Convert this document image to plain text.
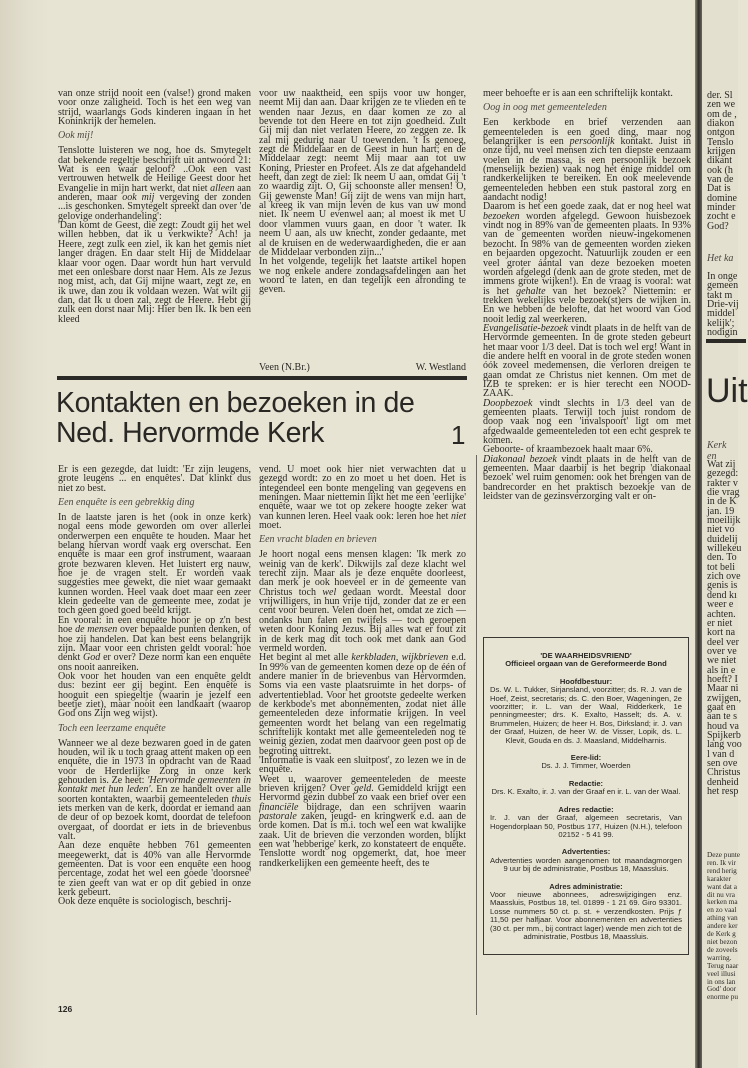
van onze strijd nooit een (valse!) grond maken voor onze zaligheid. Toch is het een weg van strijd, waarlangs Gods kinderen ingaan in het Koninkrijk der hemelen.

Ook mij!

Tenslotte luisteren we nog, hoe ds. Smytegelt dat bekende regeltje beschrijft uit antwoord 21: Wat is een waar geloof? ..Ook een vast vertrouwen hetwelk de Heilige Geest door het Evangelie in mijn hart werkt, dat niet alleen aan anderen, maar ook mij vergeving der zonden ...is geschonken. Smytegelt spreekt dan over 'de gelovige onderhandeling':

'Dan komt de Geest, die zegt: Zoudt gij het wel willen hebben, dat ik u verkwikte? Ach! ja Heere, zegt zulk een ziel, ik kan het gemis niet langer dragen. En daar stelt Hij de Middelaar klaar voor ogen. Daar wordt hun hart vervuld met een onlesbare dorst naar Hem. Als ze Jezus nog mist, ach, dat Gij mijne waart, zegt ze, en ik uwe, dan zou ik voldaan wezen. Wat wilt gij dan, dat Ik u doen zal, zegt de Heere. Hebt gij zulk een dorst naar Mij: Hier ben Ik. Ik ben een kleed

voor uw naaktheid, een spijs voor uw honger, neemt Mij dan aan. Daar krijgen ze te vlieden en te wenden naar Jezus, en daar komen ze zo al bevende tot den Heere en tot zijn goedheid. Zult Gij mij dan niet verlaten Heere, zo zeggen ze. Ik zal mij gedurig naar U toewenden. 't Is genoeg, zegt de Middelaar en de Geest in hun hart; en de Middelaar zegt: neemt Mij maar aan tot uw Koning, Priester en Profeet. Als ze dat afgehandeld heeft, dan zegt de ziel: Ik neem U aan, omdat Gij 't zo waardig zijt. O, Gij schoonste aller mensen! O, Gij gewenste Man! Gij zijt de wens van mijn hart, al kreeg ik van mijn leven de kus van uw mond niet. Ik neem U evenwel aan; al moest ik met U door vlammen vuurs gaan, en door 't water. Ik neem U aan, als uw knecht, zonder gedaante, met al de kruisen en de wederwaardigheden, die er aan de Middelaar verbonden zijn...'

In het volgende, tegelijk het laatste artikel hopen we nog enkele andere zondagsafdelingen aan het woord te laten, en dan tegelijk een afronding te geven.

Veen (N.Br.)	W. Westland
Kontakten en bezoeken in de Ned. Hervormde Kerk	1

Er is een gezegde, dat luidt: 'Er zijn leugens, grote leugens ... en enquêtes'. Dat klinkt dus niet zo best.

Een enquête is een gebrekkig ding

In de laatste jaren is het (ook in onze kerk) nogal eens mode geworden om over allerlei onderwerpen een enquête te houden. Maar het belang hiervan wordt vaak erg overschat. Een enquête is maar een grof instrument, waaraan grote bezwaren kleven. Het luistert erg nauw, hoe je de vragen stelt. Er worden vaak suggesties mee gewekt, die niet waar gemaakt kunnen worden. Heel vaak doet maar een zeer klein gedeelte van de gemeente mee, zodat je toch geen goed goed beeld krijgt.

En vooral: in een enquête hoor je op z'n best hoe de mensen over bepaalde punten denken, of hoe zij handelen. Dat kan best eens belangrijk zijn. Maar voor een christen geldt vooral: hoe denkt God er over? Deze norm kan een enquête ons nooit aanreiken.

Ook voor het houden van een enquête geldt dus: bezint eer gij begint. Een enquête is hooguit een spiegeltje (waarin je jezelf een beetje ziet), maar nooit een landkaart (waarop God ons Zijn weg wijst).

Toch een leerzame enquête

Wanneer we al deze bezwaren goed in de gaten houden, wil ik u toch graag attent maken op een enquête, die in 1973 in opdracht van de Raad voor de Herderlijke Zorg in onze kerk gehouden is. Ze heet: 'Hervormde gemeenten in kontakt met hun leden'. En ze handelt over alle soorten kontakten, waarbij gemeenteleden thuis iets merken van de kerk, doordat er iemand aan de deur of op bezoek komt, doordat de telefoon overgaat, of doordat er iets in de brievenbus valt.

Aan deze enquête hebben 761 gemeenten meegewerkt, dat is 40% van alle Hervormde gemeenten. Dat is voor een enquête een hoog percentage, zodat het wel een goede 'doorsnee' te zien geeft van wat er op dit gebied in onze kerk gebeurt.

Ook deze enquête is sociologisch, beschrij-

vend. U moet ook hier niet verwachten dat u gezegd wordt: zo en zo moet u het doen. Het is integendeel een bonte mengeling van gegevens en meningen. Maar niettemin lijkt het me een 'eerlijke' enquête, waar we tot op zekere hoogte zeker wat van kunnen leren. Heel vaak ook: leren hoe het niet moet.

Een vracht bladen en brieven

Je hoort nogal eens mensen klagen: 'Ik merk zo weinig van de kerk'. Dikwijls zal deze klacht wel terecht zijn. Maar als je deze enquête doorleest, dan merk je ook hoeveel er in de gemeente van Christus toch wel gedaan wordt. Meestal door vrijwilligers, in hun vrije tijd, zonder dat ze er een cent voor beuren. Velen doen het, omdat ze zich — ondanks hun falen en twijfels — toch geroepen weten door Koning Jezus. Bij alles wat er fout zit in de kerk mag dit toch ook met dank aan God vermeld worden.

Het begint al met alle kerkbladen, wijkbrieven e.d. In 99% van de gemeenten komen deze op de één of andere manier in de brievenbus van Hervormden. Soms via een vaste plaatsruimte in het dorps- of advertentieblad. Voor het grootste gedeelte werken de kerkbode's met abonnementen, zodat niet álle gemeenteleden deze informatie krijgen. In veel gemeenten wordt het belang van een regelmatig schriftelijk kontakt met alle gemeenteleden nog te weinig gezien, zodat men daarvoor geen post op de begroting uittrekt.

'Informatie is vaak een sluitpost', zo lezen we in de enquête.

Weet u, waarover gemeenteleden de meeste brieven krijgen? Over geld. Gemiddeld krijgt een Hervormd gezin dubbel zo vaak een brief over een financiële bijdrage, dan een schrijven waarin pastorale zaken, jeugd- en kringwerk e.d. aan de orde komen. Dat is m.i. toch wel een wat kwalijke zaak. Uit de brieven die verzonden worden, blijkt een wat 'hebberige' kerk, zo konstateert de enquête. Tenslotte wordt nog opgemerkt, dat, hoe meer randkerkelijken een gemeente heeft, des te

meer behoefte er is aan een schriftelijk kontakt.

Oog in oog met gemeenteleden

Een kerkbode en brief verzenden aan gemeenteleden is een goed ding, maar nog belangrijker is een persoonlijk kontakt. Juist in onze tijd, nu veel mensen zich ten diepste eenzaam voelen in de massa, is een persoonlijk bezoek (menselijk bezien) vaak nog het énige middel om randkerkelijken te bereiken. En ook meelevende gemeenteleden hebben een stuk pastoral zorg en aandacht nodig!

Daarom is het een goede zaak, dat er nog heel wat bezoeken worden afgelegd. Gewoon huisbezoek vindt nog in 89% van de gemeenten plaats. In 93% van de gemeenten worden nieuw-ingekomenen bezocht. In 98% van de gemeenten worden zieken en bejaarden opgezocht. Natuurlijk zouden er een veel groter áántal van deze bezoeken moeten worden afgelegd (denk aan de grote steden, met de immens grote wijken!). En de vraag is vooral: wat is het gehalte van het bezoek? Niettemin: er trekken wekelijks vele bezoek(st)ers de wijken in. En we hebben de belofte, dat het woord van God nooit ledig zal weerkeren.

Evangelisatie-bezoek vindt plaats in de helft van de Hervormde gemeenten. In de grote steden gebeurt het maar voor 1/3 deel. Dat is toch wel erg! Want in die andere helft en vooral in de grote steden wonen óók zoveel medemensen, die verloren dreigen te gaan omdat ze Christus niet kennen. Om met de IZB te spreken: er is hier terecht een NOOD-ZAAK.

Doopbezoek vindt slechts in 1/3 deel van de gemeenten plaats. Terwijl toch juist rondom de doop vaak nog een 'invalspoort' ligt om met afgedwaalde gemeenteleden tot een echt gesprek te komen.

Geboorte- of kraambezoek haalt maar 6%.

Diakonaal bezoek vindt plaats in de helft van de gemeenten. Maar daarbij is het begrip 'diakonaal bezoek' wel ruim genomen: ook het brengen van de bandrecorder en het praktisch bezoekje van de leidster van de gezinsverzorging valt er on-

'DE WAARHEIDSVRIEND'

Officieel orgaan van de Gereformeerde Bond

Hoofdbestuur:

Ds. W. L. Tukker, Sirjansland, voorzitter; ds. R. J. van de Hoef, Zeist, secretaris; ds. C. den Boer, Wageningen, 2e voorzitter; ir. L. van der Waal, Ridderkerk, 1e penningmeester; drs. K. Exalto, Hasselt; ds. A. v. Brummelen, Huizen; de heer H. Bos, Dirksland; ir. J. van der Graaf, Huizen, de heer W. de Visser, Lopik, ds. L. Klevit, Gouda en ds. J. Maasland, Middelharnis.

Eere-lid:

Ds. J. J. Timmer, Woerden

Redactie:

Drs. K. Exalto, ir. J. van der Graaf en ir. L. van der Waal.

Adres redactie:

Ir. J. van der Graaf, algemeen secretaris, Van Hogendorplaan 50, Postbus 177, Huizen (N.H.), telefoon 02152 - 5 41 99.

Advertenties:

Advertenties worden aangenomen tot maandagmorgen 9 uur bij de administratie, Postbus 18, Maassluis.

Adres administratie:

Voor nieuwe abonnees, adreswijzigingen enz. Maassluis, Postbus 18, tel. 01899 - 1 21 69. Giro 93301. Losse nummers 50 ct. p. st. + verzendkosten. Prijs ƒ 11,50 per halfjaar. Voor abonnementen en advertenties (30 ct. per mm., bij contract lager) wende men zich tot de administratie, Postbus 18, Maassluis.

126
der. Sl
zen we
om de ,
diakon
ontgon
Tenslo
krijgen
dikant
ook (h
van de
Dat is
domine
minder
zocht e
God?
Het ka
In onge
gemeen
takt m
Drie-vij
middel
kelijk';
nodigin
Uit
Kerk en
Wat zij
gezegd:
rakter v
die vrag
in de K
jan. 19
moeilijk
niet vo
duidelij
willekeu
den. To
tot beli
zich ove
genis is
dend kı
weer e
achten.
er niet
kort na
deel ver
over ve
we niet
als in e
hoeft? I
Maar ni
zwijgen,
gaat en
aan te s
houd va
Spijkerb
lang voo
l van d
sen ove
Christus
denheid
het resp
Deze punte
ren. Ik vir
rend herig
karakter
want dat a
dit nu vra
kerken ma
en zo vaal
athing van
andere ker
de Kerk g
niet bezon
de zoveels
warring.
Terug naar
veel illusi
in ons lan
God' door
enorme pu
